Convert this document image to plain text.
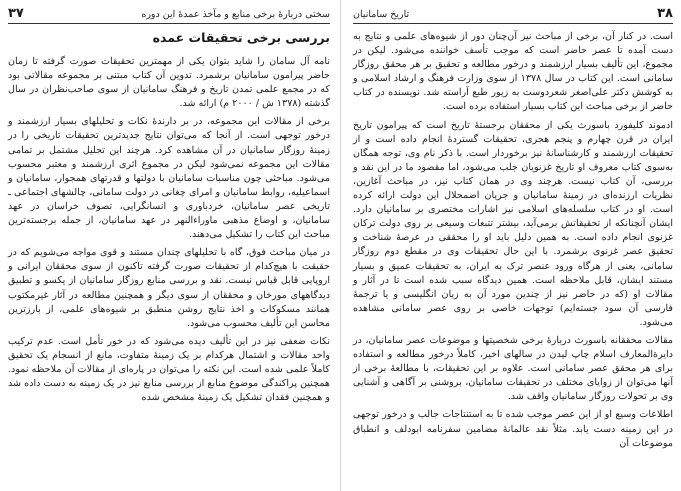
سختی دربارهٔ برخی منابع و مآخذ عمدهٔ این دوره
۳۷
بررسی برخی تحقیقات عمده

نامه آل سامان را شاید بتوان یکی از مهمترین تحقیقات صورت گرفته تا زمان حاضر پیرامون سامانیان برشمرد. تدوین آن کتاب مبتنی بر مجموعه مقالاتی بود که در مجمع علمی تمدن تاریخ و فرهنگ سامانیان از سوی صاحب‌نظران در سال گذشته (۱۳۷۸ ش / ۲۰۰۰ م) ارائه شد.

برخی از مقالات این مجموعه، در بر دارندهٔ نکات و تحلیلهای بسیار ارزشمند و درخور توجهی است. از آنجا که می‌توان نتایج جدیدترین تحقیقات تاریخی را در زمینهٔ روزگار سامانیان در آن مشاهده کرد. هرچند این تجلیل مشتمل بر تمامی مقالات این مجموعه نمی‌شود لیکن در مجموع اثری ارزشمند و معتبر محسوب می‌شود. مباحثی چون مناسبات سامانیان با دولتها و قدرتهای همجوار، سامانیان و اسماعیلیه، روابط سامانیان و امرای چغانی در دولت سامانی، چالشهای اجتماعی ـ تاریخی عصر سامانیان، خردباوری و انسانگرایی، تصوف خراسان در عهد سامانیان، و اوضاع مذهبی ماوراءالنهر در عهد سامانیان، از جمله برجسته‌ترین مباحث این کتاب را تشکیل می‌دهند.

در میان مباحث فوق، گاه با تحلیلهای چندان مستند و قوی مواجه می‌شویم که در حقیقت با هیچ‌کدام از تحقیقات صورت گرفته تاکنون از سوی محققان ایرانی و اروپایی قابل قیاس نیست. نقد و بررسی منابع روزگار سامانیان از یکسو و تطبیق دیدگاههای مورخان و محققان از سوی دیگر و همچنین مطالعه در آثار غیرمکتوب همانند مسکوکات و اخذ نتایج روشن منطبق بر شیوه‌های علمی، از بارزترین محاسن این تألیف محسوب می‌شود.

نکات ضعفی نیز در این تألیف دیده می‌شود که در خور تأمل است. عدم ترکیب واحد مقالات و اشتمال هرکدام بر یک زمینهٔ متفاوت، مانع از انسجام یک تحقیق کاملاً علمی شده است. این نکته را می‌توان در پاره‌ای از مقالات آن ملاحظه نمود. همچنین پراکندگی موضوع منابع از بررسی منابع نیز در یک زمینه به دست داده شد و همچنین فقدان تشکیل یک زمینهٔ مشخص شده

۳۸
تاریخ سامانیان

است. در کنار آن، برخی از مباحث نیز آن‌چنان دور از شیوه‌های علمی و نتایج به دست آمده تا عصر حاضر است که موجب تأسف خواننده می‌شود. لیکن در مجموع، این تألیف بسیار ارزشمند و درخور مطالعه و تحقیق بر هر محقق روزگار سامانی است. این کتاب در سال ۱۳۷۸ از سوی وزارت فرهنگ و ارشاد اسلامی و به کوشش دکتر علی‌اصغر شعردوست به زیور طبع آراسته شد. نویسنده در کتاب حاضر از برخی مباحث این کتاب بسیار استفاده برده است.

ادموند کلیفورد باسورث یکی از محققان برجستهٔ تاریخ است که پیرامون تاریخ ایران در قرن چهارم و پنجم هجری، تحقیقات گستردهٔ انجام داده است و از تحقیقات ارزشمند و کارشناسانهٔ نیز برخوردار است. با ذکر نام وی، توجه همگان به‌سوی کتاب معروف او تاریخ غزنویان جلب می‌شود، اما مقصود ما در این نقد و بررسی، آن کتاب نیست. هرچند وی در همان کتاب نیز، در مباحث آغازین، نظریات ارزنده‌ای در زمینهٔ سامانیان و جریان اضمحلال این دولت ارائه کرده است. او در کتاب سلسله‌های اسلامی نیز اشارات مختصری بر سامانیان دارد. ایشان آنچنانکه از تحقیقاتش برمی‌آید، بیشتر تتبعات وسیعی بر روی دولت ترکان غزنوی انجام داده است. به همین دلیل باید او را محققی در عرصهٔ شناخت و تحقیق عصر غزنوی برشمرد. با این حال تحقیقات وی در مقطع دوم روزگار سامانی، یعنی از هرگاه ورود عنصر ترک به ایران، به تحقیقات عمیق و بسیار مستند ایشان، قابل ملاحظه است. همین دیدگاه سبب شده است تا در آثار و مقالات او (که در حاضر نیز از چندین مورد آن به زبان انگلیسی و یا ترجمهٔ فارسی آن سود جسته‌ایم) توجهات خاصی بر روی عصر سامانی مشاهده می‌شود.

مقالات محققانه باسورث دربارهٔ برخی شخصیتها و موضوعات عصر سامانیان، در دایرةالمعارف اسلام چاپ لیدن در سالهای اخیر، کاملاً درخور مطالعه و استفاده برای هر محقق عصر سامانی است. علاوه بر این تحقیقات، با مطالعهٔ برخی از آنها می‌توان از زوایای مختلف در تحقیقات سامانیان، بروشنی بر آگاهی و آشنایی وی بر تحولات روزگار سامانیان واقف شد.

اطلاعات وسیع او از این عصر موجب شده تا به استنتاجات جالب و درخور توجهی در این زمینه دست یابد. مثلاً نقد عالمانهٔ مضامین سفرنامه ابودلف و انطباق موضوعات آن
